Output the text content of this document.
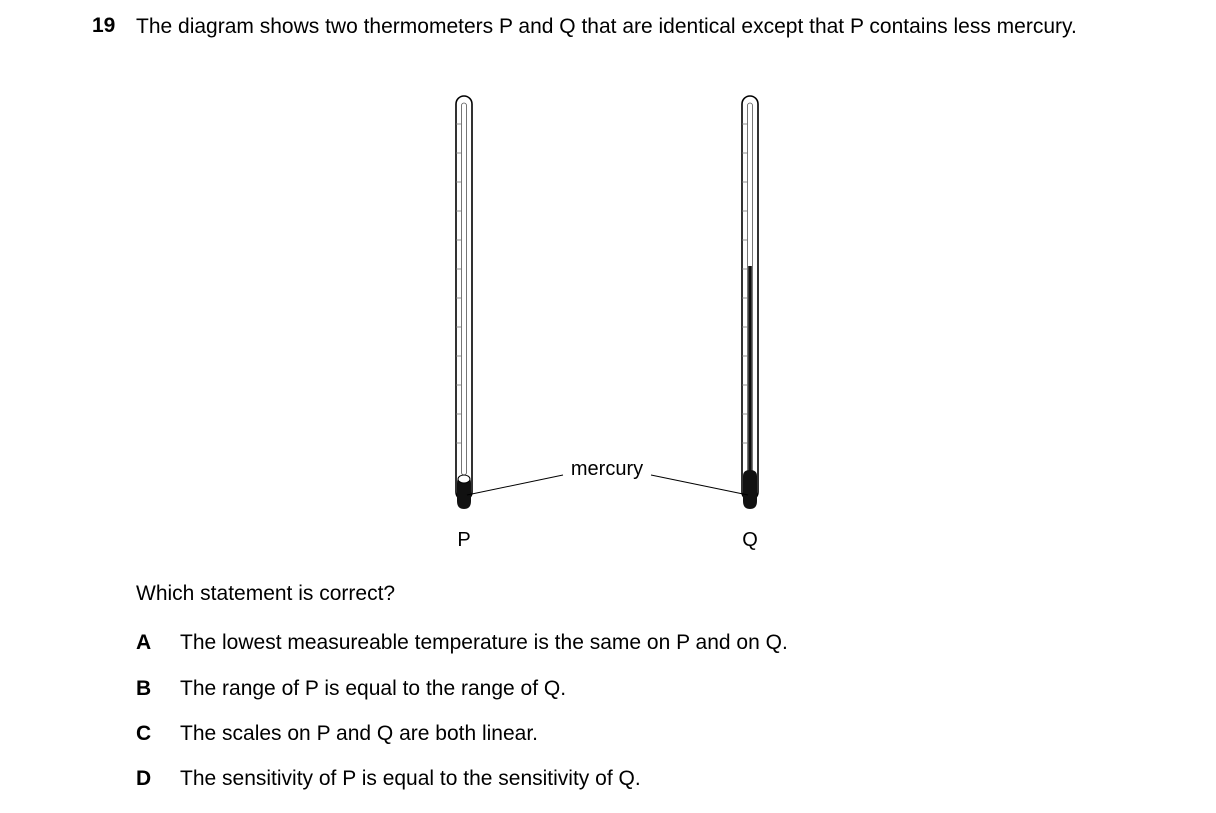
19 The diagram shows two thermometers P and Q that are identical except that P contains less mercury.
mercury
P	Q
Which statement is correct?
A The lowest measureable temperature is the same on P and on Q.
B The range of P is equal to the range of Q.
C The scales on P and Q are both linear.
D The sensitivity of P is equal to the sensitivity of Q.
